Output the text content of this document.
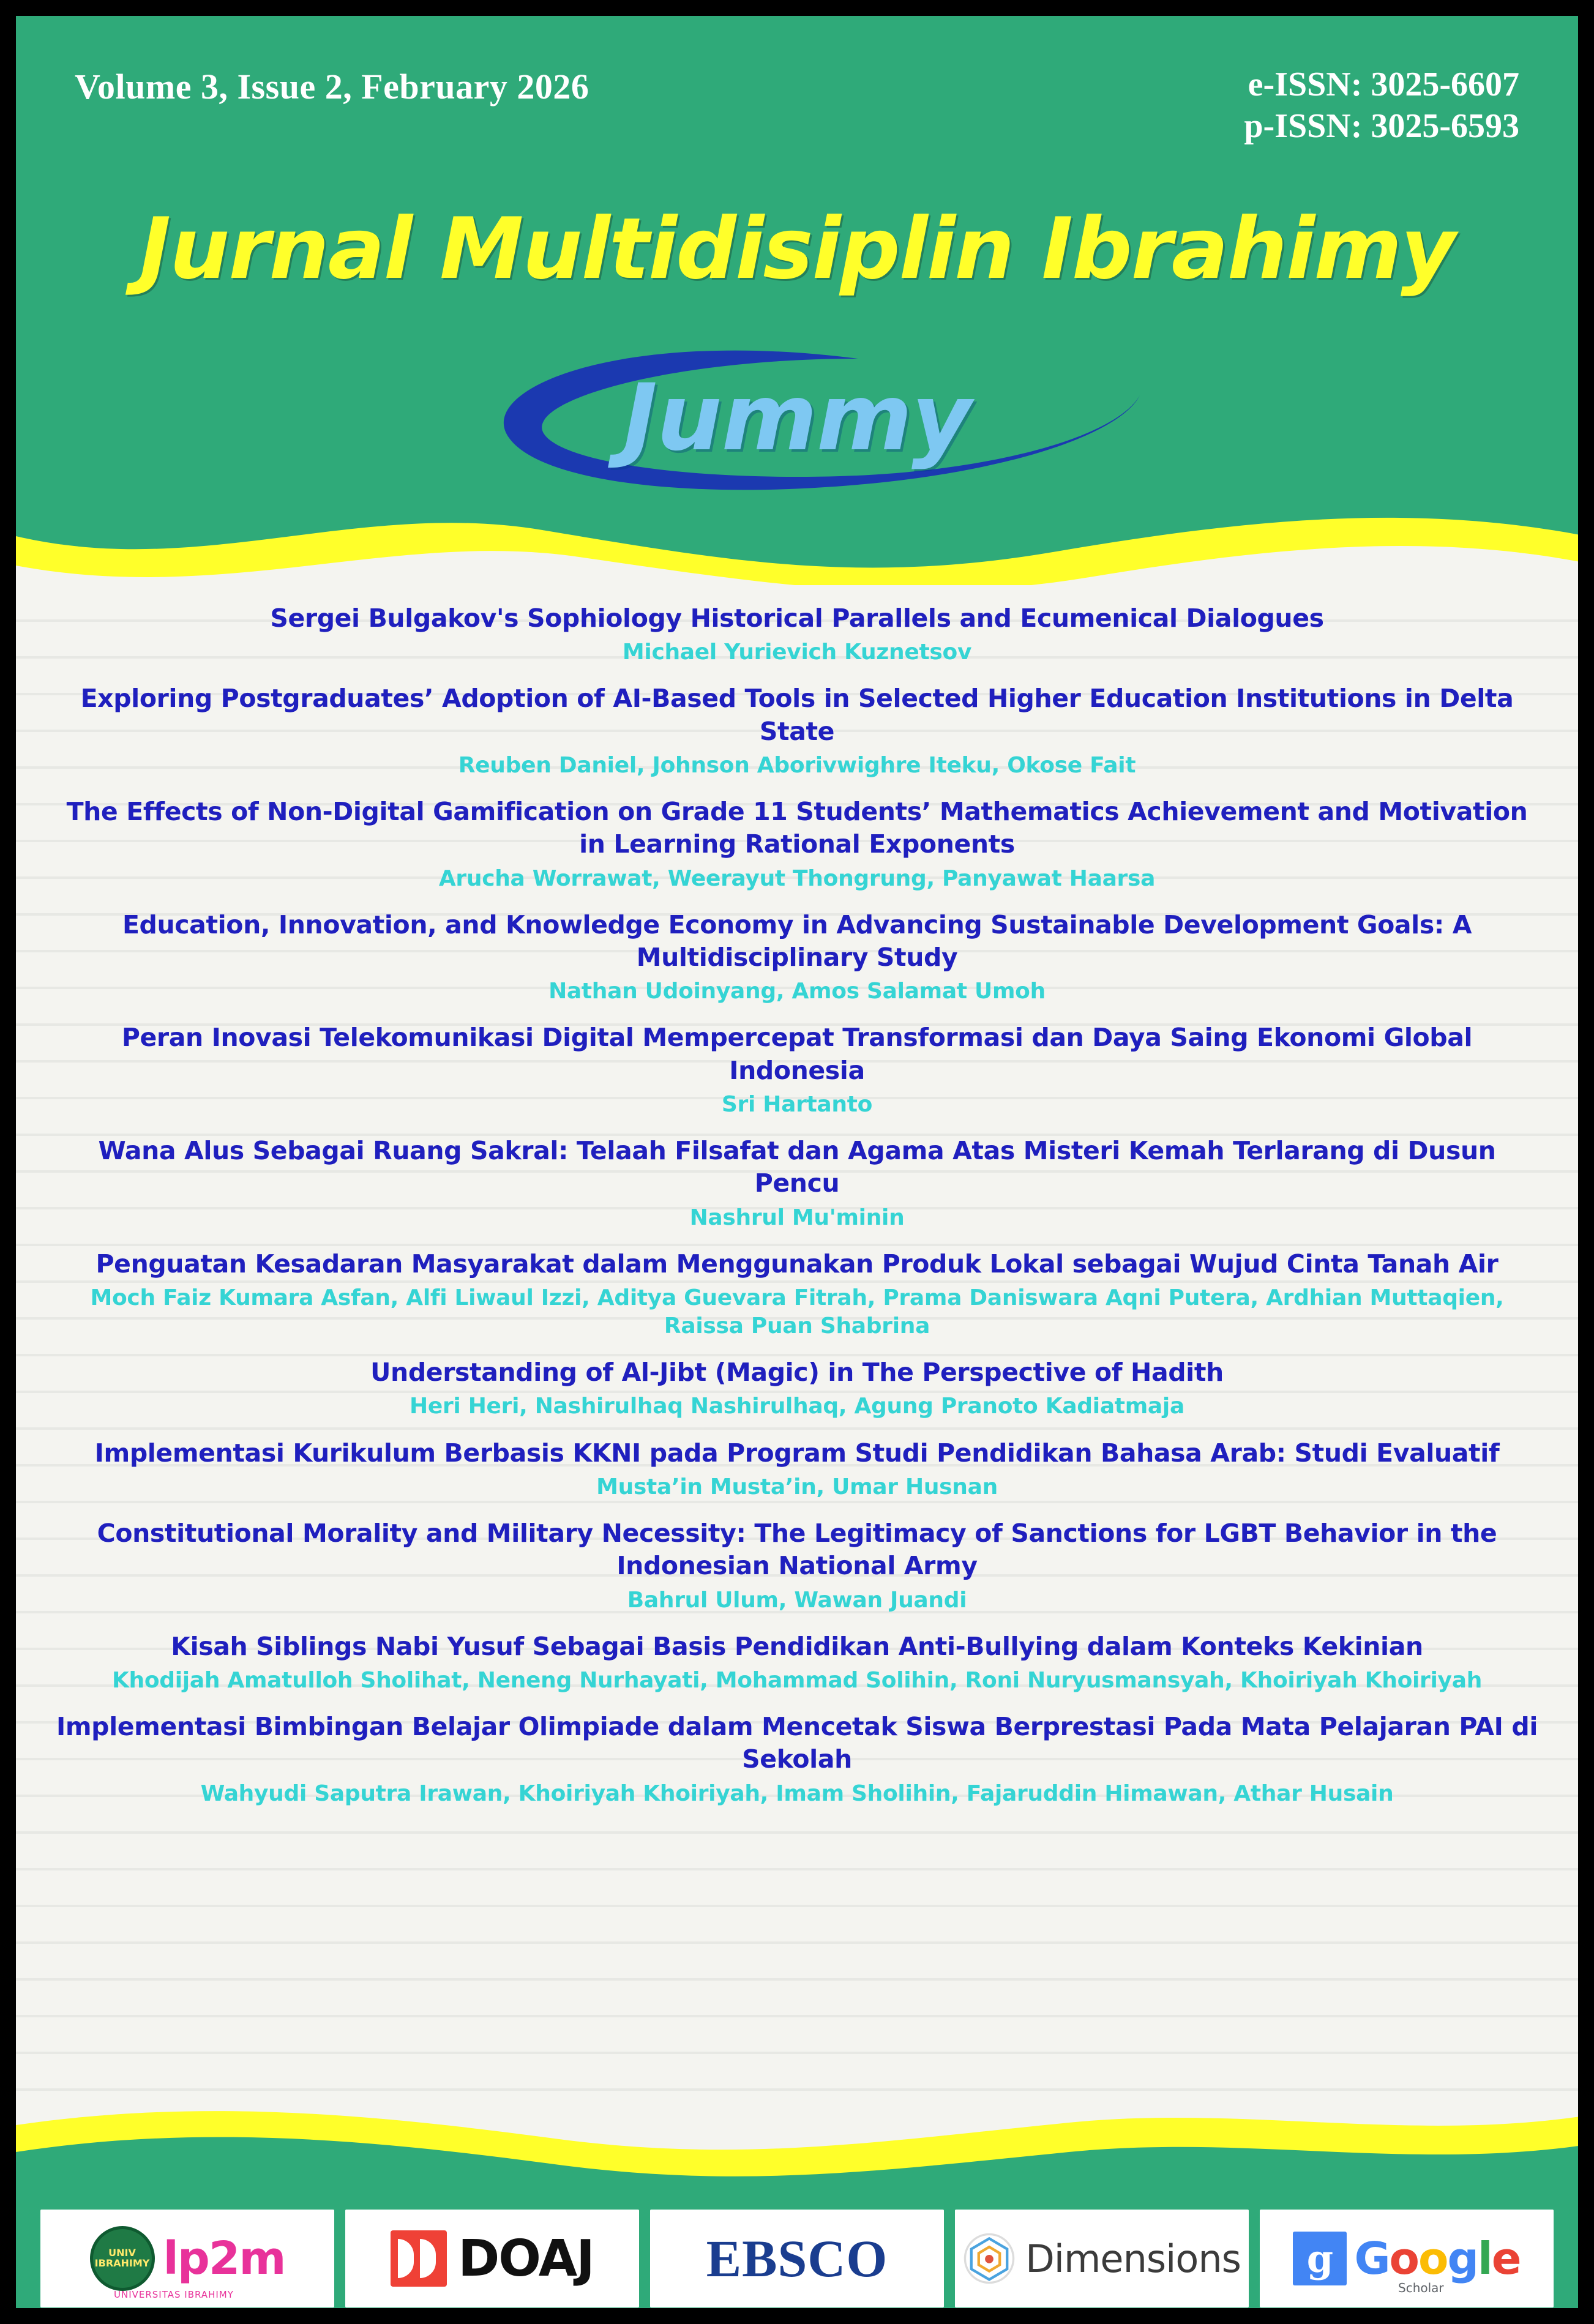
Volume 3, Issue 2, February 2026	e-ISSN: 3025-6607
p-ISSN: 3025-6593
Jurnal Multidisiplin Ibrahimy
Jummy
Sergei Bulgakov's Sophiology Historical Parallels and Ecumenical Dialogues
Michael Yurievich Kuznetsov
Exploring Postgraduates’ Adoption of AI-Based Tools in Selected Higher Education Institutions in Delta State
Reuben Daniel, Johnson Aborivwighre Iteku, Okose Fait
The Effects of Non-Digital Gamification on Grade 11 Students’ Mathematics Achievement and Motivation in Learning Rational Exponents
Arucha Worrawat, Weerayut Thongrung, Panyawat Haarsa
Education, Innovation, and Knowledge Economy in Advancing Sustainable Development Goals: A Multidisciplinary Study
Nathan Udoinyang, Amos Salamat Umoh
Peran Inovasi Telekomunikasi Digital Mempercepat Transformasi dan Daya Saing Ekonomi Global Indonesia
Sri Hartanto
Wana Alus Sebagai Ruang Sakral: Telaah Filsafat dan Agama Atas Misteri Kemah Terlarang di Dusun Pencu
Nashrul Mu'minin
Penguatan Kesadaran Masyarakat dalam Menggunakan Produk Lokal sebagai Wujud Cinta Tanah Air
Moch Faiz Kumara Asfan, Alfi Liwaul Izzi, Aditya Guevara Fitrah, Prama Daniswara Aqni Putera, Ardhian Muttaqien, Raissa Puan Shabrina
Understanding of Al-Jibt (Magic) in The Perspective of Hadith
Heri Heri, Nashirulhaq Nashirulhaq, Agung Pranoto Kadiatmaja
Implementasi Kurikulum Berbasis KKNI pada Program Studi Pendidikan Bahasa Arab: Studi Evaluatif
Musta’in Musta’in, Umar Husnan
Constitutional Morality and Military Necessity: The Legitimacy of Sanctions for LGBT Behavior in the Indonesian National Army
Bahrul Ulum, Wawan Juandi
Kisah Siblings Nabi Yusuf Sebagai Basis Pendidikan Anti-Bullying dalam Konteks Kekinian
Khodijah Amatulloh Sholihat, Neneng Nurhayati, Mohammad Solihin, Roni Nuryusmansyah, Khoiriyah Khoiriyah
Implementasi Bimbingan Belajar Olimpiade dalam Mencetak Siswa Berprestasi Pada Mata Pelajaran PAI di Sekolah
Wahyudi Saputra Irawan, Khoiriyah Khoiriyah, Imam Sholihin, Fajaruddin Himawan, Athar Husain
UNIV
IBRAHIMY lp2m
UNIVERSITAS IBRAHIMY
DOAJ EBSCO	Dimensions	g Google
Scholar
